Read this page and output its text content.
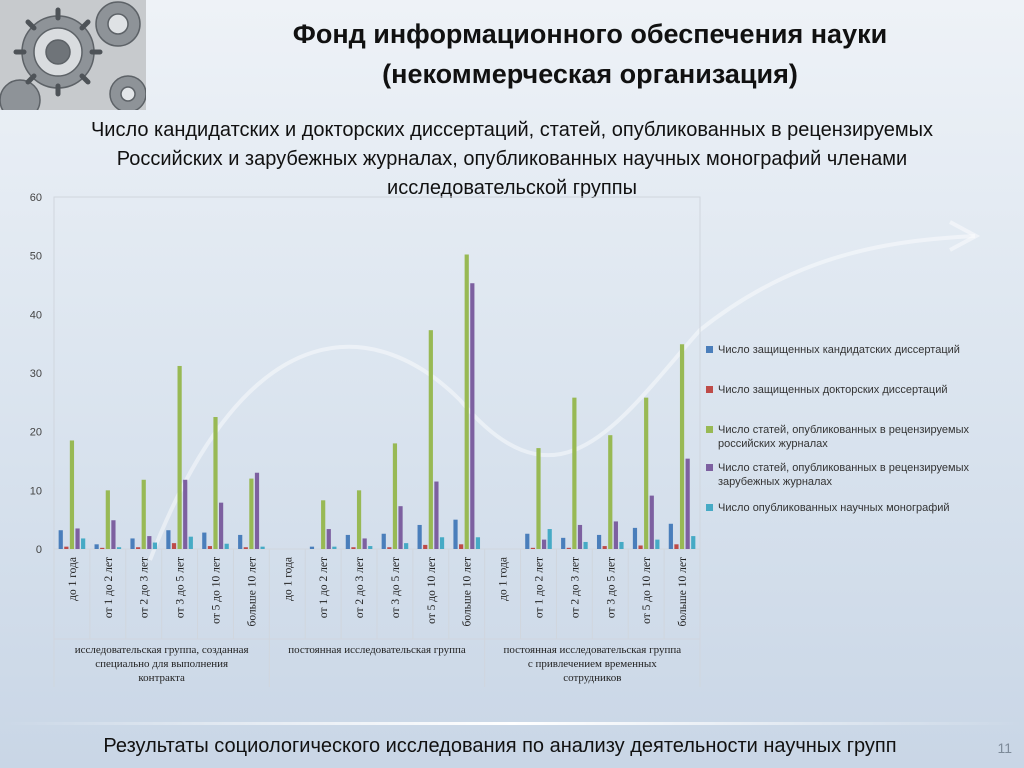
Фонд информационного обеспечения науки
(некоммерческая организация)
Число кандидатских и докторских диссертаций, статей, опубликованных в рецензируемых
Российских и зарубежных журналах, опубликованных научных монографий членами
исследовательской группы
0
10
20
30
40
50
60
до 1 года от 1 до 2 лет от 2 до 3 лет от 3 до 5 лет от 5 до 10 лет больше 10 лет до 1 года от 1 до 2 лет от 2 до 3 лет от 3 до 5 лет от 5 до 10 лет больше 10 лет до 1 года от 1 до 2 лет от 2 до 3 лет от 3 до 5 лет от 5 до 10 лет больше 10 лет
исследовательская группа, созданная
специально для выполнения
контракта
постоянная исследовательская группа	постоянная исследовательская группа
с привлечением временных
сотрудников
Число защищенных кандидатских диссертаций
Число защищенных докторских диссертаций
Число статей, опубликованных в рецензируемых
российских журналах
Число статей, опубликованных в рецензируемых
зарубежных журналах
Число опубликованных научных монографий
Результаты социологического исследования по анализу деятельности научных групп	11
